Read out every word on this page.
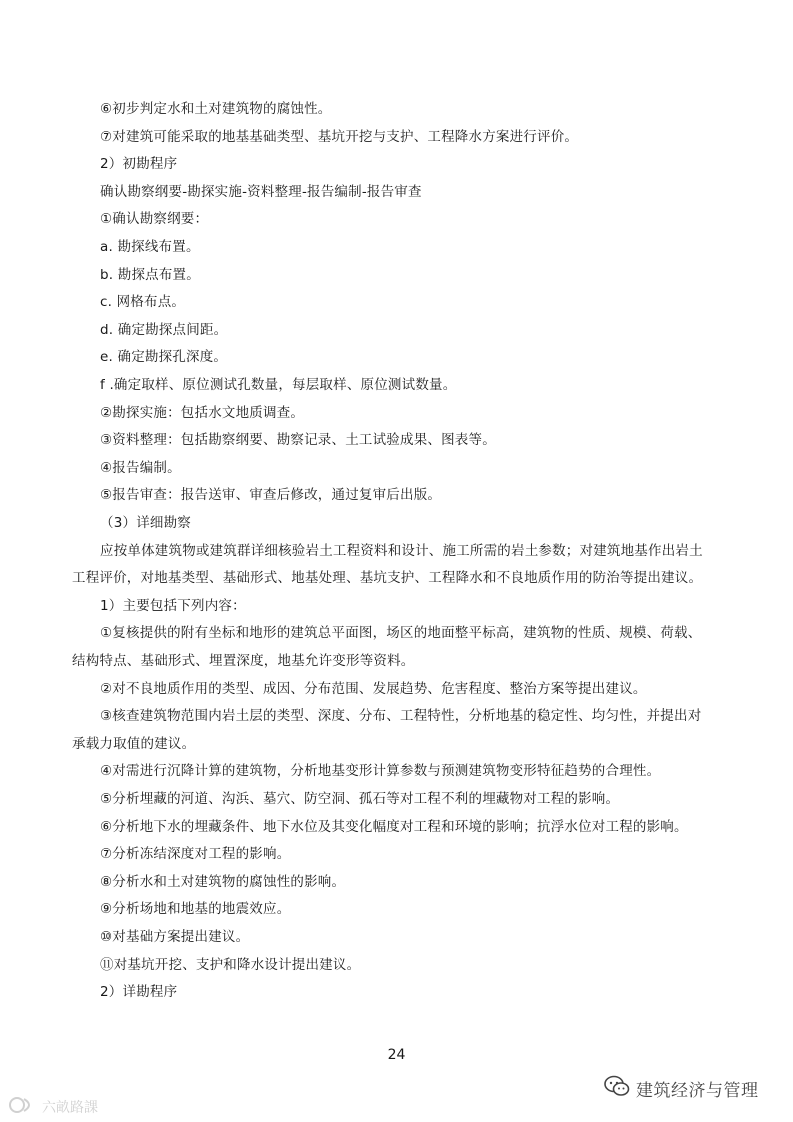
⑥初步判定水和土对建筑物的腐蚀性。
⑦对建筑可能采取的地基基础类型、基坑开挖与支护、工程降水方案进行评价。
2）初勘程序
确认勘察纲要-勘探实施-资料整理-报告编制-报告审查
①确认勘察纲要：
a. 勘探线布置。
b. 勘探点布置。
c. 网格布点。
d. 确定勘探点间距。
e. 确定勘探孔深度。
f .确定取样、原位测试孔数量，每层取样、原位测试数量。
②勘探实施：包括水文地质调查。
③资料整理：包括勘察纲要、勘察记录、土工试验成果、图表等。
④报告编制。
⑤报告审查：报告送审、审查后修改，通过复审后出版。
（3）详细勘察
应按单体建筑物或建筑群详细核验岩土工程资料和设计、施工所需的岩土参数；对建筑地基作出岩土
工程评价，对地基类型、基础形式、地基处理、基坑支护、工程降水和不良地质作用的防治等提出建议。
1）主要包括下列内容：
①复核提供的附有坐标和地形的建筑总平面图，场区的地面整平标高，建筑物的性质、规模、荷载、
结构特点、基础形式、埋置深度，地基允许变形等资料。
②对不良地质作用的类型、成因、分布范围、发展趋势、危害程度、整治方案等提出建议。
③核查建筑物范围内岩土层的类型、深度、分布、工程特性，分析地基的稳定性、均匀性，并提出对
承载力取值的建议。
④对需进行沉降计算的建筑物，分析地基变形计算参数与预测建筑物变形特征趋势的合理性。
⑤分析埋藏的河道、沟浜、墓穴、防空洞、孤石等对工程不利的埋藏物对工程的影响。
⑥分析地下水的埋藏条件、地下水位及其变化幅度对工程和环境的影响；抗浮水位对工程的影响。
⑦分析冻结深度对工程的影响。
⑧分析水和土对建筑物的腐蚀性的影响。
⑨分析场地和地基的地震效应。
⑩对基础方案提出建议。
⑪对基坑开挖、支护和降水设计提出建议。
2）详勘程序
24
建筑经济与管理
六畝路課
